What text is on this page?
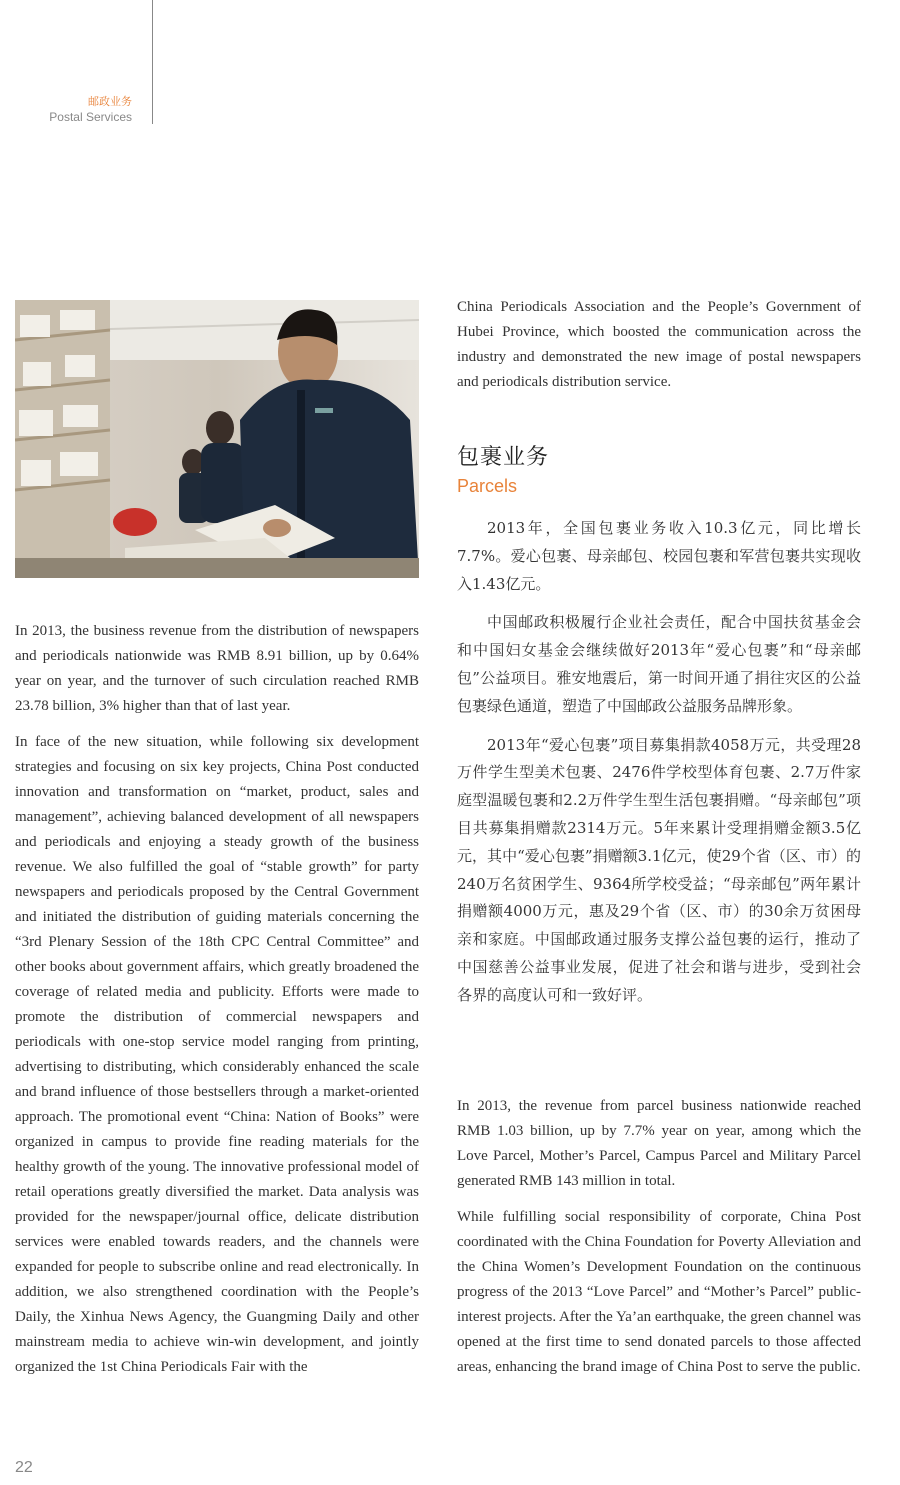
邮政业务
Postal Services

In 2013, the business revenue from the distribution of newspapers and periodicals nationwide was RMB 8.91 billion, up by 0.64% year on year, and the turnover of such circulation reached RMB 23.78 billion, 3% higher than that of last year.

In face of the new situation, while following six development strategies and focusing on six key projects, China Post conducted innovation and transformation on “market, product, sales and management”, achieving balanced development of all newspapers and periodicals and enjoying a steady growth of the business revenue. We also fulfilled the goal of “stable growth” for party newspapers and periodicals proposed by the Central Government and initiated the distribution of guiding materials concerning the “3rd Plenary Session of the 18th CPC Central Committee” and other books about government affairs, which greatly broadened the coverage of related media and publicity. Efforts were made to promote the distribution of commercial newspapers and periodicals with one-stop service model ranging from printing, advertising to distributing, which considerably enhanced the scale and brand influence of those bestsellers through a market-oriented approach. The promotional event “China: Nation of Books” were organized in campus to provide fine reading materials for the healthy growth of the young. The innovative professional model of retail operations greatly diversified the market. Data analysis was provided for the newspaper/journal office, delicate distribution services were enabled towards readers, and the channels were expanded for people to subscribe online and read electronically. In addition, we also strengthened coordination with the People’s Daily, the Xinhua News Agency, the Guangming Daily and other mainstream media to achieve win-win development, and jointly organized the 1st China Periodicals Fair with the

China Periodicals Association and the People’s Government of Hubei Province, which boosted the communication across the industry and demonstrated the new image of postal newspapers and periodicals distribution service.

包裹业务
Parcels

2013年，全国包裹业务收入10.3亿元，同比增长7.7%。爱心包裹、母亲邮包、校园包裹和军营包裹共实现收入1.43亿元。

中国邮政积极履行企业社会责任，配合中国扶贫基金会和中国妇女基金会继续做好2013年“爱心包裹”和“母亲邮包”公益项目。雅安地震后，第一时间开通了捐往灾区的公益包裹绿色通道，塑造了中国邮政公益服务品牌形象。

2013年“爱心包裹”项目募集捐款4058万元，共受理28万件学生型美术包裹、2476件学校型体育包裹、2.7万件家庭型温暖包裹和2.2万件学生型生活包裹捐赠。“母亲邮包”项目共募集捐赠款2314万元。5年来累计受理捐赠金额3.5亿元，其中“爱心包裹”捐赠额3.1亿元，使29个省（区、市）的240万名贫困学生、9364所学校受益；“母亲邮包”两年累计捐赠额4000万元，惠及29个省（区、市）的30余万贫困母亲和家庭。中国邮政通过服务支撑公益包裹的运行，推动了中国慈善公益事业发展，促进了社会和谐与进步，受到社会各界的高度认可和一致好评。

In 2013, the revenue from parcel business nationwide reached RMB 1.03 billion, up by 7.7% year on year, among which the Love Parcel, Mother’s Parcel, Campus Parcel and Military Parcel generated RMB 143 million in total.

While fulfilling social responsibility of corporate, China Post coordinated with the China Foundation for Poverty Alleviation and the China Women’s Development Foundation on the continuous progress of the 2013 “Love Parcel” and “Mother’s Parcel” public-interest projects. After the Ya’an earthquake, the green channel was opened at the first time to send donated parcels to those affected areas, enhancing the brand image of China Post to serve the public.

22
